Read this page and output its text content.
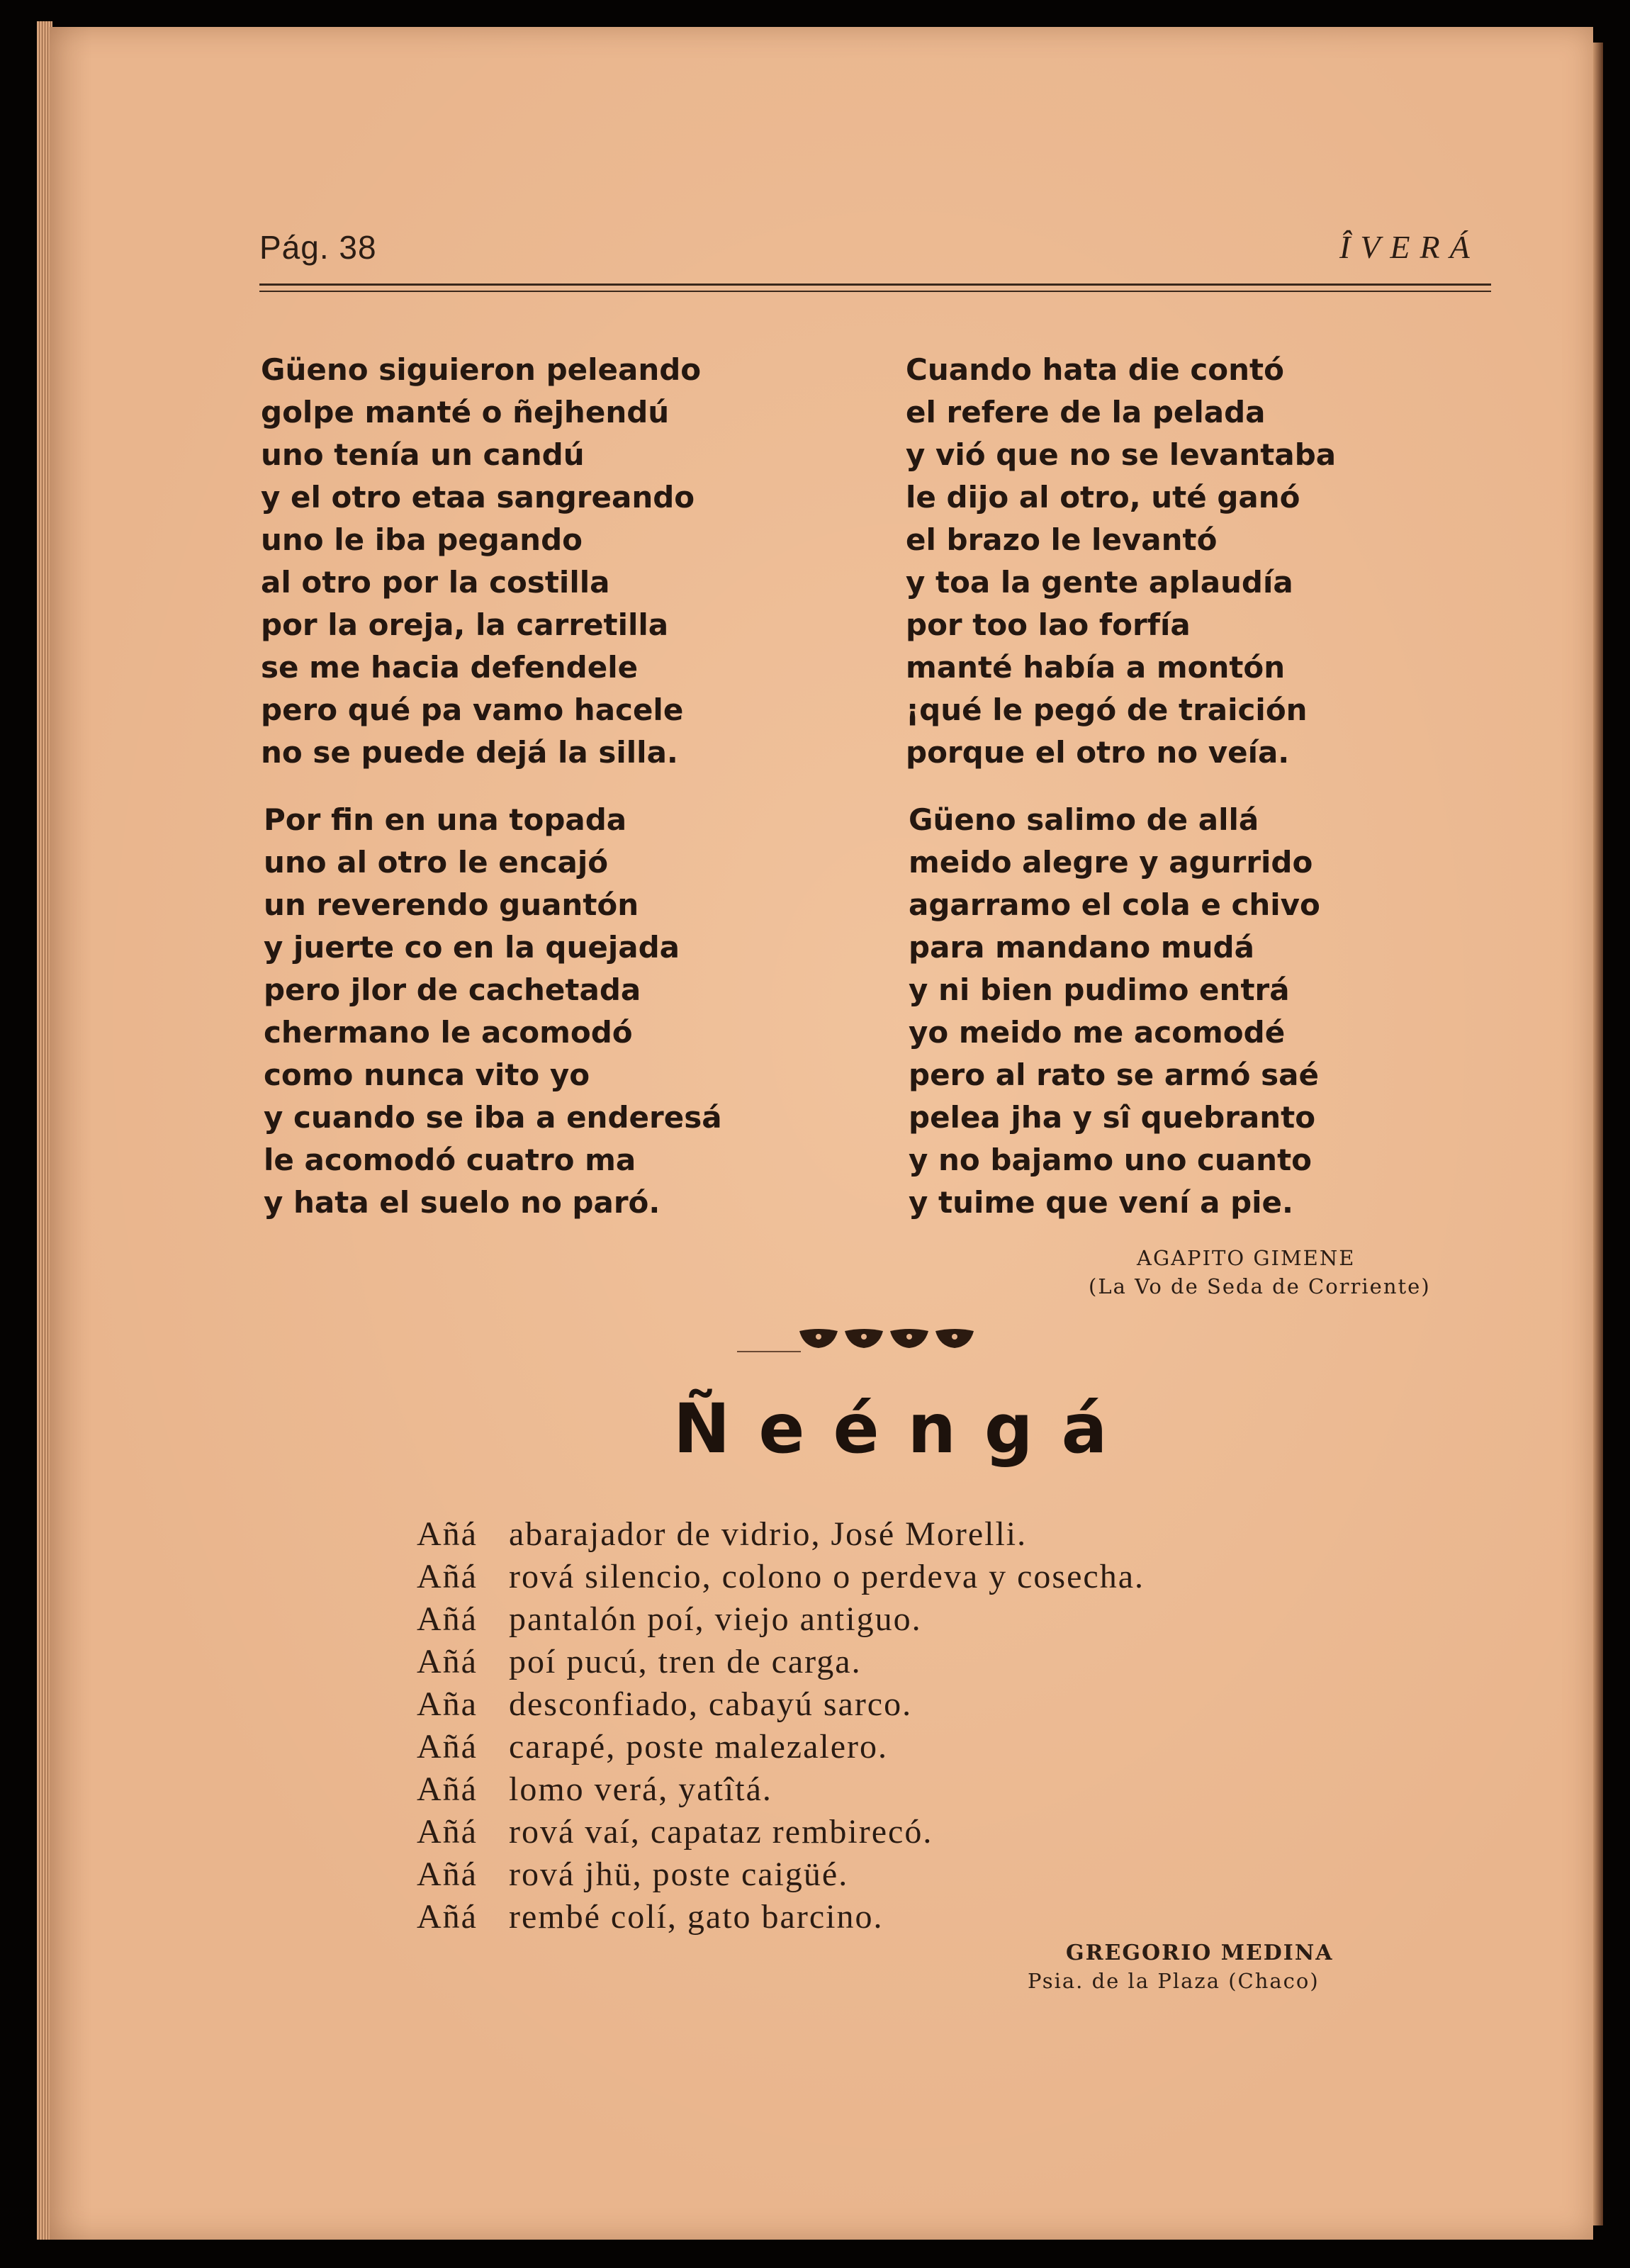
Pág. 38	ÎVERÁ
Güeno siguieron peleando
golpe manté o ñejhendú
uno tenía un candú
y el otro etaa sangreando
uno le iba pegando
al otro por la costilla
por la oreja, la carretilla
se me hacia defendele
pero qué pa vamo hacele
no se puede dejá la silla.
Por fin en una topada
uno al otro le encajó
un reverendo guantón
y juerte co en la quejada
pero jlor de cachetada
chermano le acomodó
como nunca vito yo
y cuando se iba a enderesá
le acomodó cuatro ma
y hata el suelo no paró.
Cuando hata die contó
el refere de la pelada
y vió que no se levantaba
le dijo al otro, uté ganó
el brazo le levantó
y toa la gente aplaudía
por too lao forfía
manté había a montón
¡qué le pegó de traición
porque el otro no veía.
Güeno salimo de allá
meido alegre y agurrido
agarramo el cola e chivo
para mandano mudá
y ni bien pudimo entrá
yo meido me acomodé
pero al rato se armó saé
pelea jha y sî quebranto
y no bajamo uno cuanto
y tuime que vení a pie.
AGAPITO GIMENE
(La Vo de Seda de Corriente)
Ñeéngá
Añá abarajador de vidrio, José Morelli.
Añá rová silencio, colono o perdeva y cosecha.
Añá pantalón poí, viejo antiguo.
Añá poí pucú, tren de carga.
Aña desconfiado, cabayú sarco.
Añá carapé, poste malezalero.
Añá lomo verá, yatîtá.
Añá rová vaí, capataz rembirecó.
Añá rová jhü, poste caigüé.
Añá rembé colí, gato barcino.
GREGORIO MEDINA
Psia. de la Plaza (Chaco)
